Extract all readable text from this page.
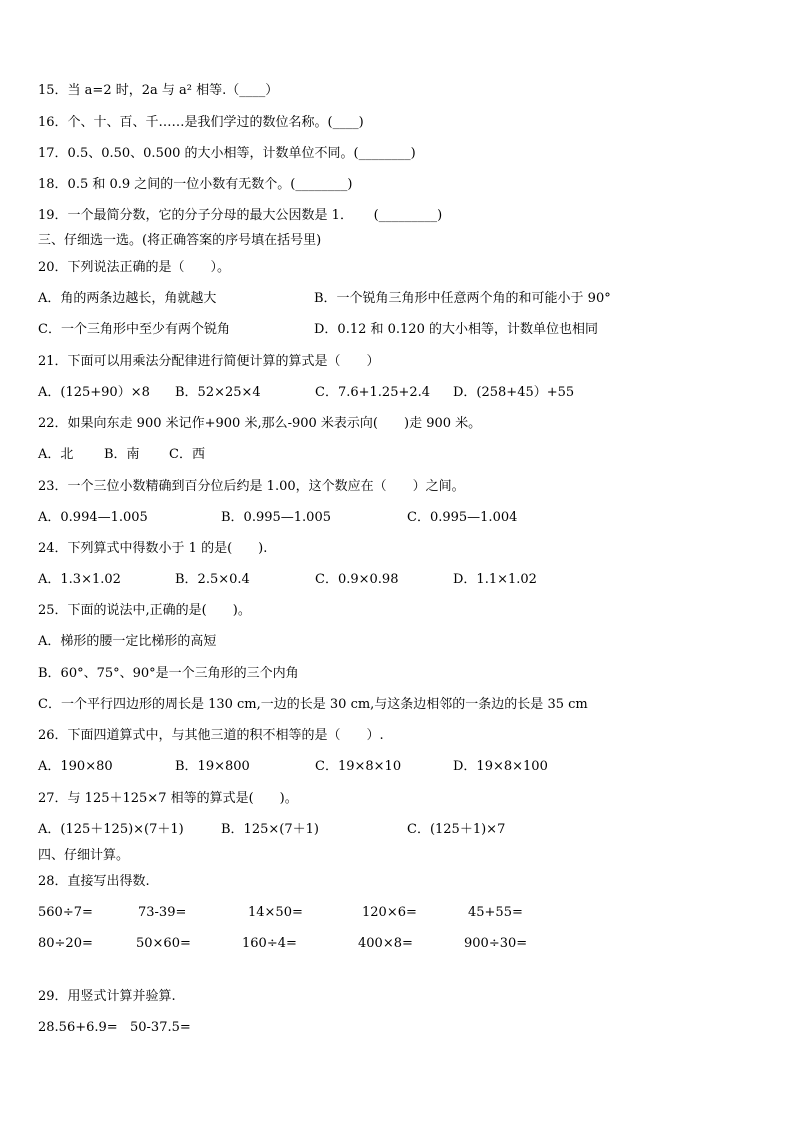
15．当 a=2 时，2a 与 a² 相等.（____）
16．个、十、百、千……是我们学过的数位名称。(____)
17．0.5、0.50、0.500 的大小相等，计数单位不同。(________)
18．0.5 和 0.9 之间的一位小数有无数个。(________)
19．一个最简分数，它的分子分母的最大公因数是 1．     (_________)
三、仔细选一选。(将正确答案的序号填在括号里)
20．下列说法正确的是（　　）。
A．角的两条边越长，角就越大	B．一个锐角三角形中任意两个角的和可能小于 90°
C．一个三角形中至少有两个锐角	D．0.12 和 0.120 的大小相等，计数单位也相同
21．下面可以用乘法分配律进行简便计算的算式是（　　）
A．(125+90）×8 B．52×25×4	C．7.6+1.25+2.4 D．(258+45）+55
22．如果向东走 900 米记作+900 米,那么-900 米表示向(　　)走 900 米。
A．北 B．南 C．西
23．一个三位小数精确到百分位后约是 1.00，这个数应在（　　）之间。
A．0.994—1.005	B．0.995—1.005	C．0.995—1.004
24．下列算式中得数小于 1 的是(　　).
A．1.3×1.02	B．2.5×0.4	C．0.9×0.98	D．1.1×1.02
25．下面的说法中,正确的是(　　)。
A．梯形的腰一定比梯形的高短
B．60°、75°、90°是一个三角形的三个内角
C．一个平行四边形的周长是 130 cm,一边的长是 30 cm,与这条边相邻的一条边的长是 35 cm
26．下面四道算式中，与其他三道的积不相等的是（　　）.
A．190×80	B．19×800	C．19×8×10	D．19×8×100
27．与 125＋125×7 相等的算式是(　　)。
A．(125＋125)×(7＋1)	B．125×(7＋1)	C．(125＋1)×7
四、仔细计算。
28．直接写出得数.
560÷7=	73-39=	14×50=	120×6=	45+55=
80÷20=	50×60=	160÷4=	400×8=	900÷30=
29．用竖式计算并验算.
28.56+6.9= 50-37.5=
